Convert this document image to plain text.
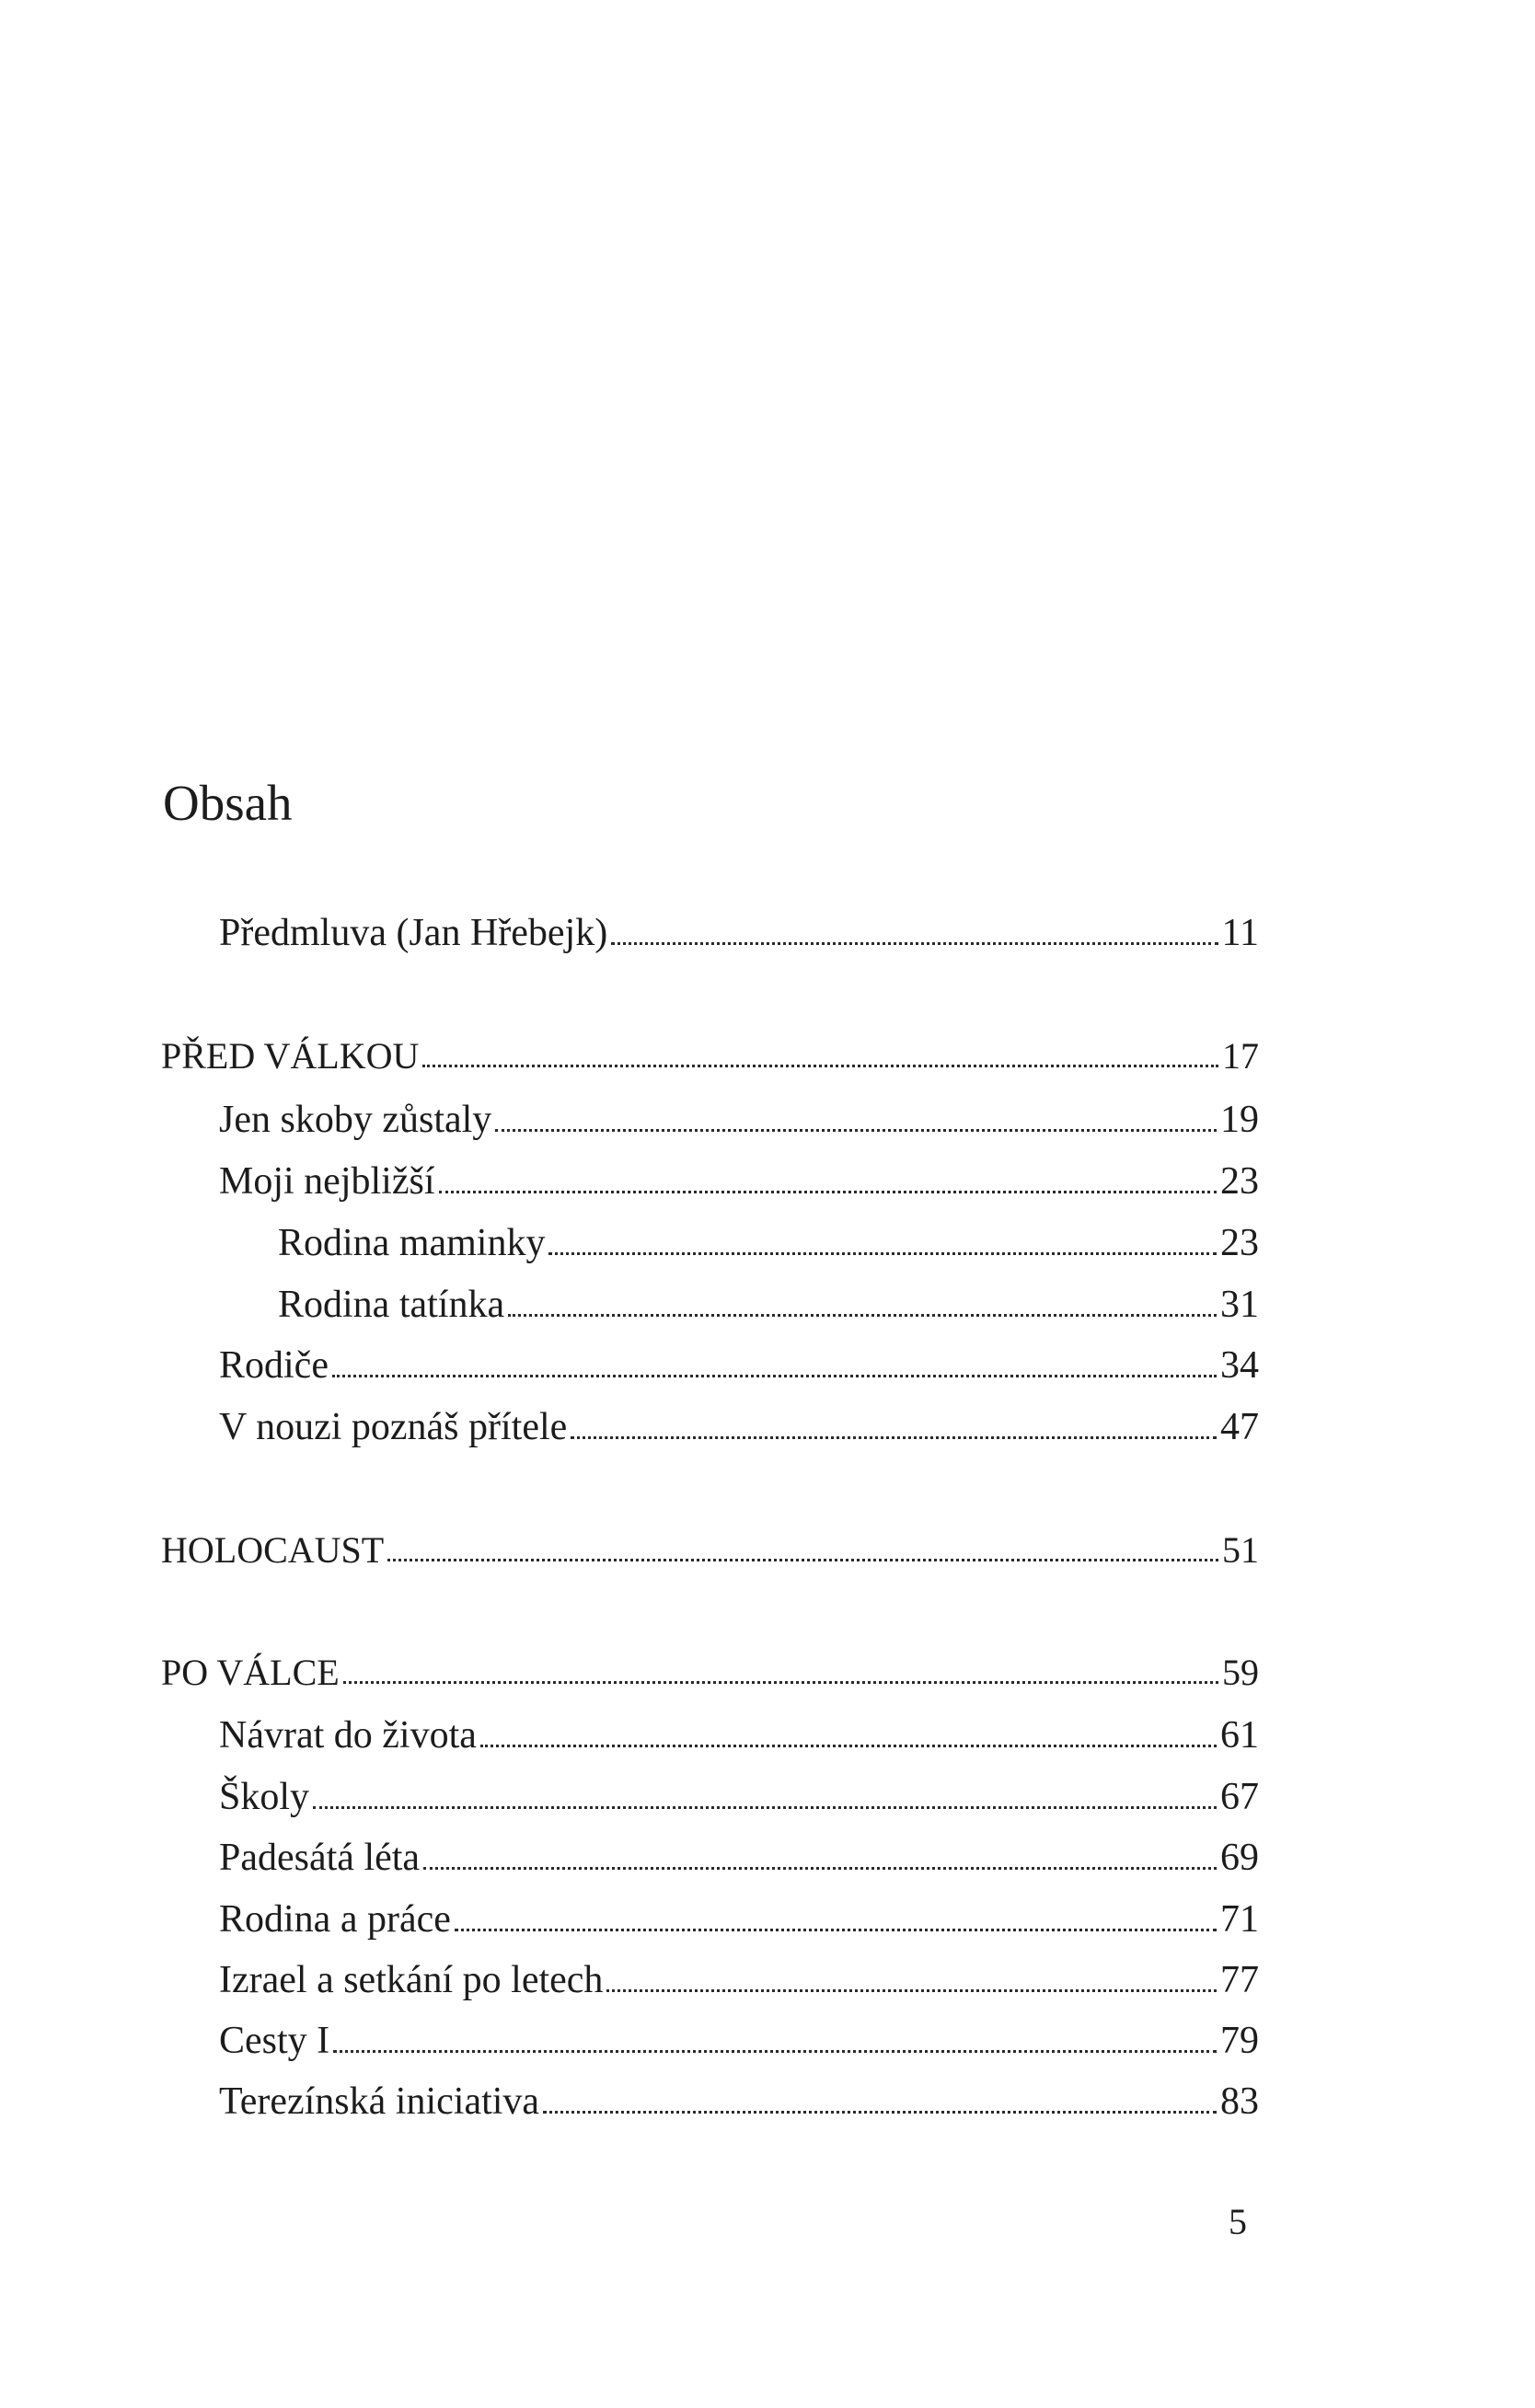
Obsah
Předmluva (Jan Hřebejk)	11
PŘED VÁLKOU	17
Jen skoby zůstaly	19
Moji nejbližší	23
Rodina maminky	23
Rodina tatínka	31
Rodiče	34
V nouzi poznáš přítele	47
HOLOCAUST	51
PO VÁLCE	59
Návrat do života	61
Školy	67
Padesátá léta	69
Rodina a práce	71
Izrael a setkání po letech	77
Cesty I	79
Terezínská iniciativa	83
5
